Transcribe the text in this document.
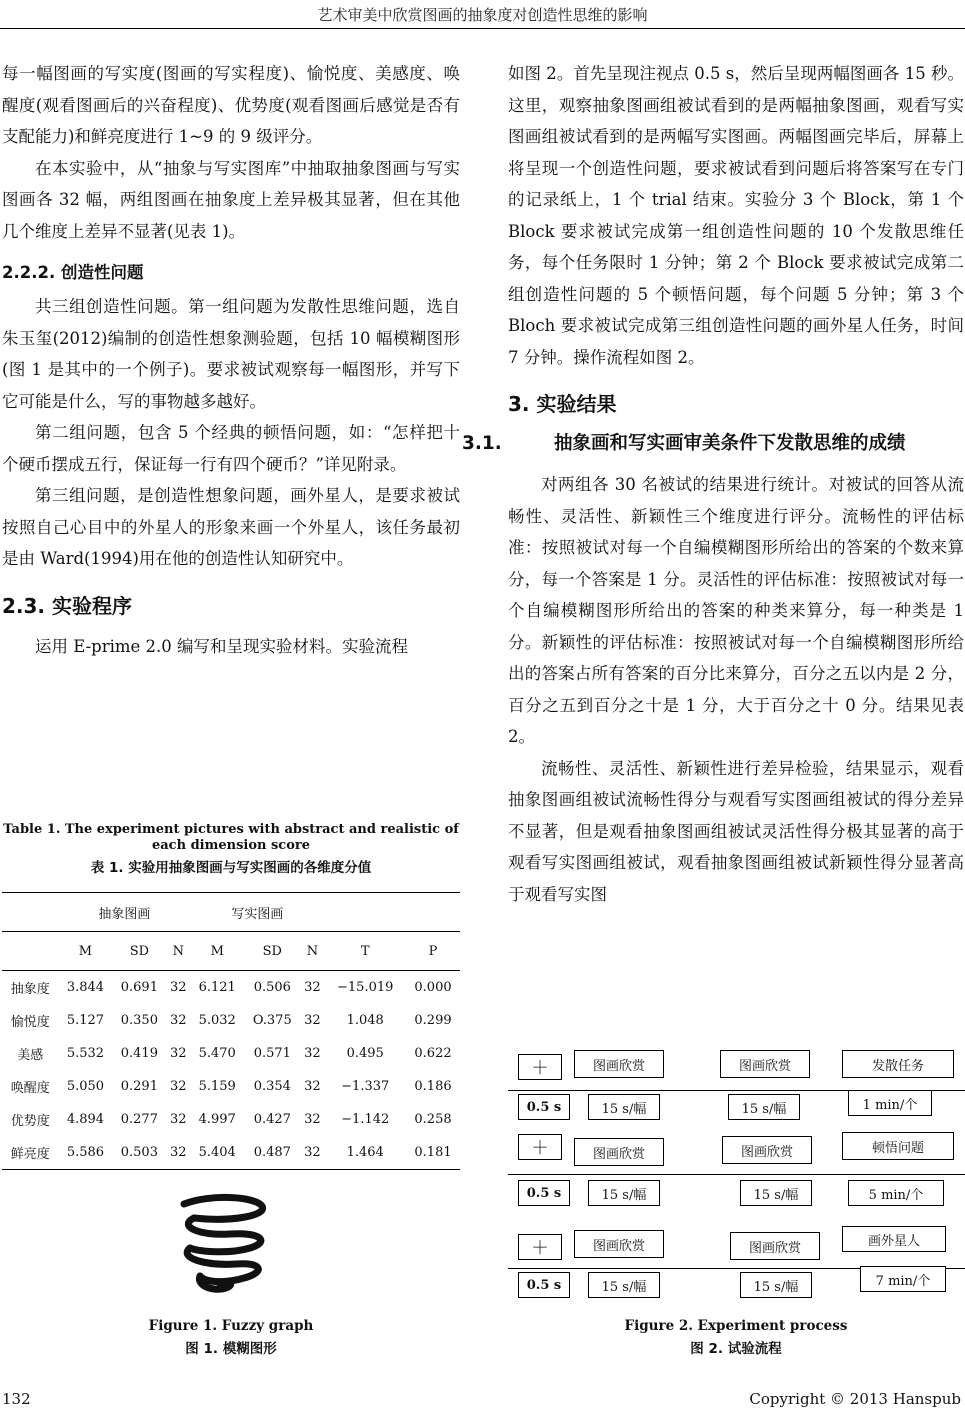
艺术审美中欣赏图画的抽象度对创造性思维的影响

每一幅图画的写实度(图画的写实程度)、愉悦度、美感度、唤醒度(观看图画后的兴奋程度)、优势度(观看图画后感觉是否有支配能力)和鲜亮度进行 1~9 的 9 级评分。

在本实验中，从“抽象与写实图库”中抽取抽象图画与写实图画各 32 幅，两组图画在抽象度上差异极其显著，但在其他几个维度上差异不显著(见表 1)。

2.2.2. 创造性问题

共三组创造性问题。第一组问题为发散性思维问题，选自朱玉玺(2012)编制的创造性想象测验题，包括 10 幅模糊图形(图 1 是其中的一个例子)。要求被试观察每一幅图形，并写下它可能是什么，写的事物越多越好。

第二组问题，包含 5 个经典的顿悟问题，如：“怎样把十个硬币摆成五行，保证每一行有四个硬币？”详见附录。

第三组问题，是创造性想象问题，画外星人，是要求被试按照自己心目中的外星人的形象来画一个外星人，该任务最初是由 Ward(1994)用在他的创造性认知研究中。

2.3. 实验程序

运用 E-prime 2.0 编写和呈现实验材料。实验流程

Table 1. The experiment pictures with abstract and realistic of each dimension score
表 1. 实验用抽象图画与写实图画的各维度分值
	抽象图画			写实图画				
	M	SD	N	M	SD	N	T	P
抽象度	3.844	0.691	32	6.121	0.506	32	−15.019	0.000
愉悦度	5.127	0.350	32	5.032	O.375	32	1.048	0.299
美感	5.532	0.419	32	5.470	0.571	32	0.495	0.622
唤醒度	5.050	0.291	32	5.159	0.354	32	−1.337	0.186
优势度	4.894	0.277	32	4.997	0.427	32	−1.142	0.258
鲜亮度	5.586	0.503	32	5.404	0.487	32	1.464	0.181
Figure 1. Fuzzy graph
图 1. 模糊图形

如图 2。首先呈现注视点 0.5 s，然后呈现两幅图画各 15 秒。这里，观察抽象图画组被试看到的是两幅抽象图画，观看写实图画组被试看到的是两幅写实图画。两幅图画完毕后，屏幕上将呈现一个创造性问题，要求被试看到问题后将答案写在专门的记录纸上，1 个 trial 结束。实验分 3 个 Block，第 1 个 Block 要求被试完成第一组创造性问题的 10 个发散思维任务，每个任务限时 1 分钟；第 2 个 Block 要求被试完成第二组创造性问题的 5 个顿悟问题，每个问题 5 分钟；第 3 个 Bloch 要求被试完成第三组创造性问题的画外星人任务，时间 7 分钟。操作流程如图 2。

3. 实验结果
3.1.	抽象画和写实画审美条件下发散思维的成绩

对两组各 30 名被试的结果进行统计。对被试的回答从流畅性、灵活性、新颖性三个维度进行评分。流畅性的评估标准：按照被试对每一个自编模糊图形所给出的答案的个数来算分，每一个答案是 1 分。灵活性的评估标准：按照被试对每一个自编模糊图形所给出的答案的种类来算分，每一种类是 1 分。新颖性的评估标准：按照被试对每一个自编模糊图形所给出的答案占所有答案的百分比来算分，百分之五以内是 2 分，百分之五到百分之十是 1 分，大于百分之十 0 分。结果见表 2。

流畅性、灵活性、新颖性进行差异检验，结果显示，观看抽象图画组被试流畅性得分与观看写实图画组被试的得分差异不显著，但是观看抽象图画组被试灵活性得分极其显著的高于观看写实图画组被试，观看抽象图画组被试新颖性得分显著高于观看写实图

＋	图画欣赏	图画欣赏	发散任务
0.5 s	15 s/幅	15 s/幅	1 min/个
＋	图画欣赏	图画欣赏	顿悟问题
0.5 s	15 s/幅	15 s/幅	5 min/个
＋	图画欣赏	图画欣赏	画外星人
0.5 s	15 s/幅	15 s/幅	7 min/个
Figure 2. Experiment process
图 2. 试验流程
132	Copyright © 2013 Hanspub
